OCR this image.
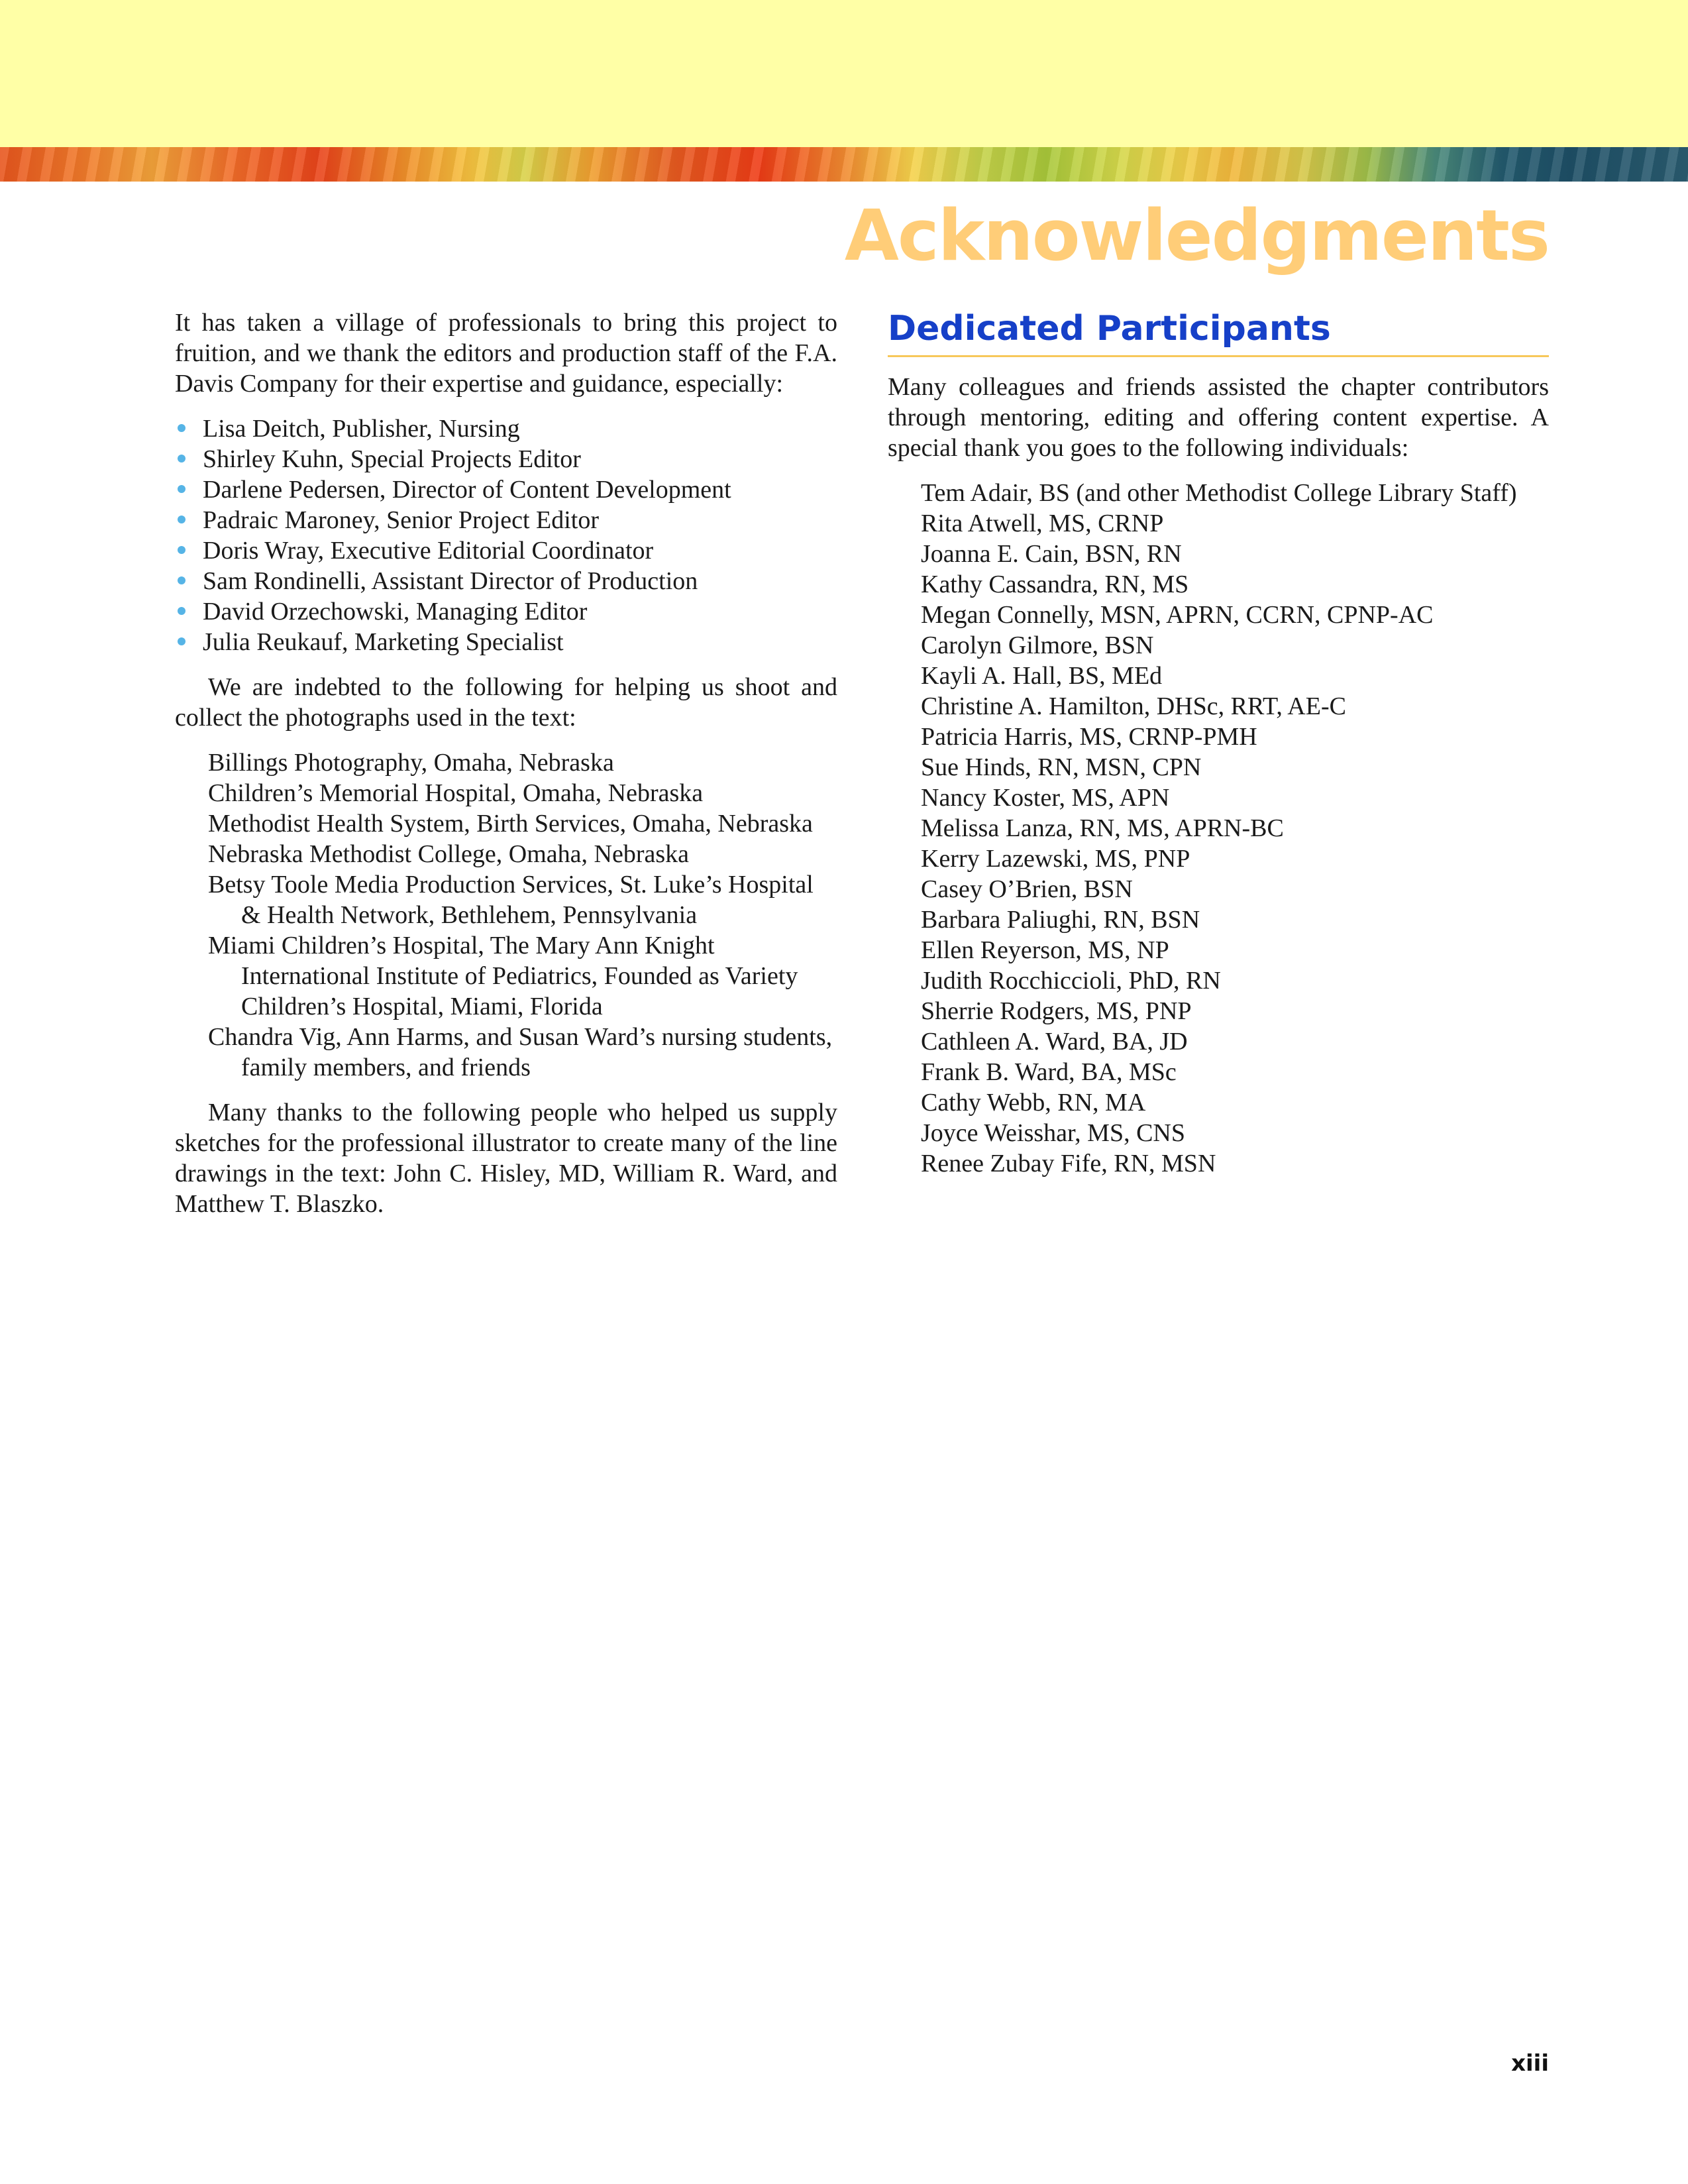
Acknowledgments

It has taken a village of professionals to bring this project to fruition, and we thank the editors and production staff of the F.A. Davis Company for their expertise and guidance, especially:

Lisa Deitch, Publisher, Nursing
Shirley Kuhn, Special Projects Editor
Darlene Pedersen, Director of Content Development
Padraic Maroney, Senior Project Editor
Doris Wray, Executive Editorial Coordinator
Sam Rondinelli, Assistant Director of Production
David Orzechowski, Managing Editor
Julia Reukauf, Marketing Specialist

We are indebted to the following for helping us shoot and collect the photographs used in the text:

Billings Photography, Omaha, Nebraska
Children’s Memorial Hospital, Omaha, Nebraska
Methodist Health System, Birth Services, Omaha, Nebraska
Nebraska Methodist College, Omaha, Nebraska
Betsy Toole Media Production Services, St. Luke’s Hospital & Health Network, Bethlehem, Pennsylvania
Miami Children’s Hospital, The Mary Ann Knight International Institute of Pediatrics, Founded as Variety Children’s Hospital, Miami, Florida
Chandra Vig, Ann Harms, and Susan Ward’s nursing students, family members, and friends

Many thanks to the following people who helped us supply sketches for the professional illustrator to create many of the line drawings in the text: John C. Hisley, MD, William R. Ward, and Matthew T. Blaszko.

Dedicated Participants

Many colleagues and friends assisted the chapter contributors through mentoring, editing and offering content expertise. A special thank you goes to the following individuals:

Tem Adair, BS (and other Methodist College Library Staff)
Rita Atwell, MS, CRNP
Joanna E. Cain, BSN, RN
Kathy Cassandra, RN, MS
Megan Connelly, MSN, APRN, CCRN, CPNP-AC
Carolyn Gilmore, BSN
Kayli A. Hall, BS, MEd
Christine A. Hamilton, DHSc, RRT, AE-C
Patricia Harris, MS, CRNP-PMH
Sue Hinds, RN, MSN, CPN
Nancy Koster, MS, APN
Melissa Lanza, RN, MS, APRN-BC
Kerry Lazewski, MS, PNP
Casey O’Brien, BSN
Barbara Paliughi, RN, BSN
Ellen Reyerson, MS, NP
Judith Rocchiccioli, PhD, RN
Sherrie Rodgers, MS, PNP
Cathleen A. Ward, BA, JD
Frank B. Ward, BA, MSc
Cathy Webb, RN, MA
Joyce Weisshar, MS, CNS
Renee Zubay Fife, RN, MSN
xiii
